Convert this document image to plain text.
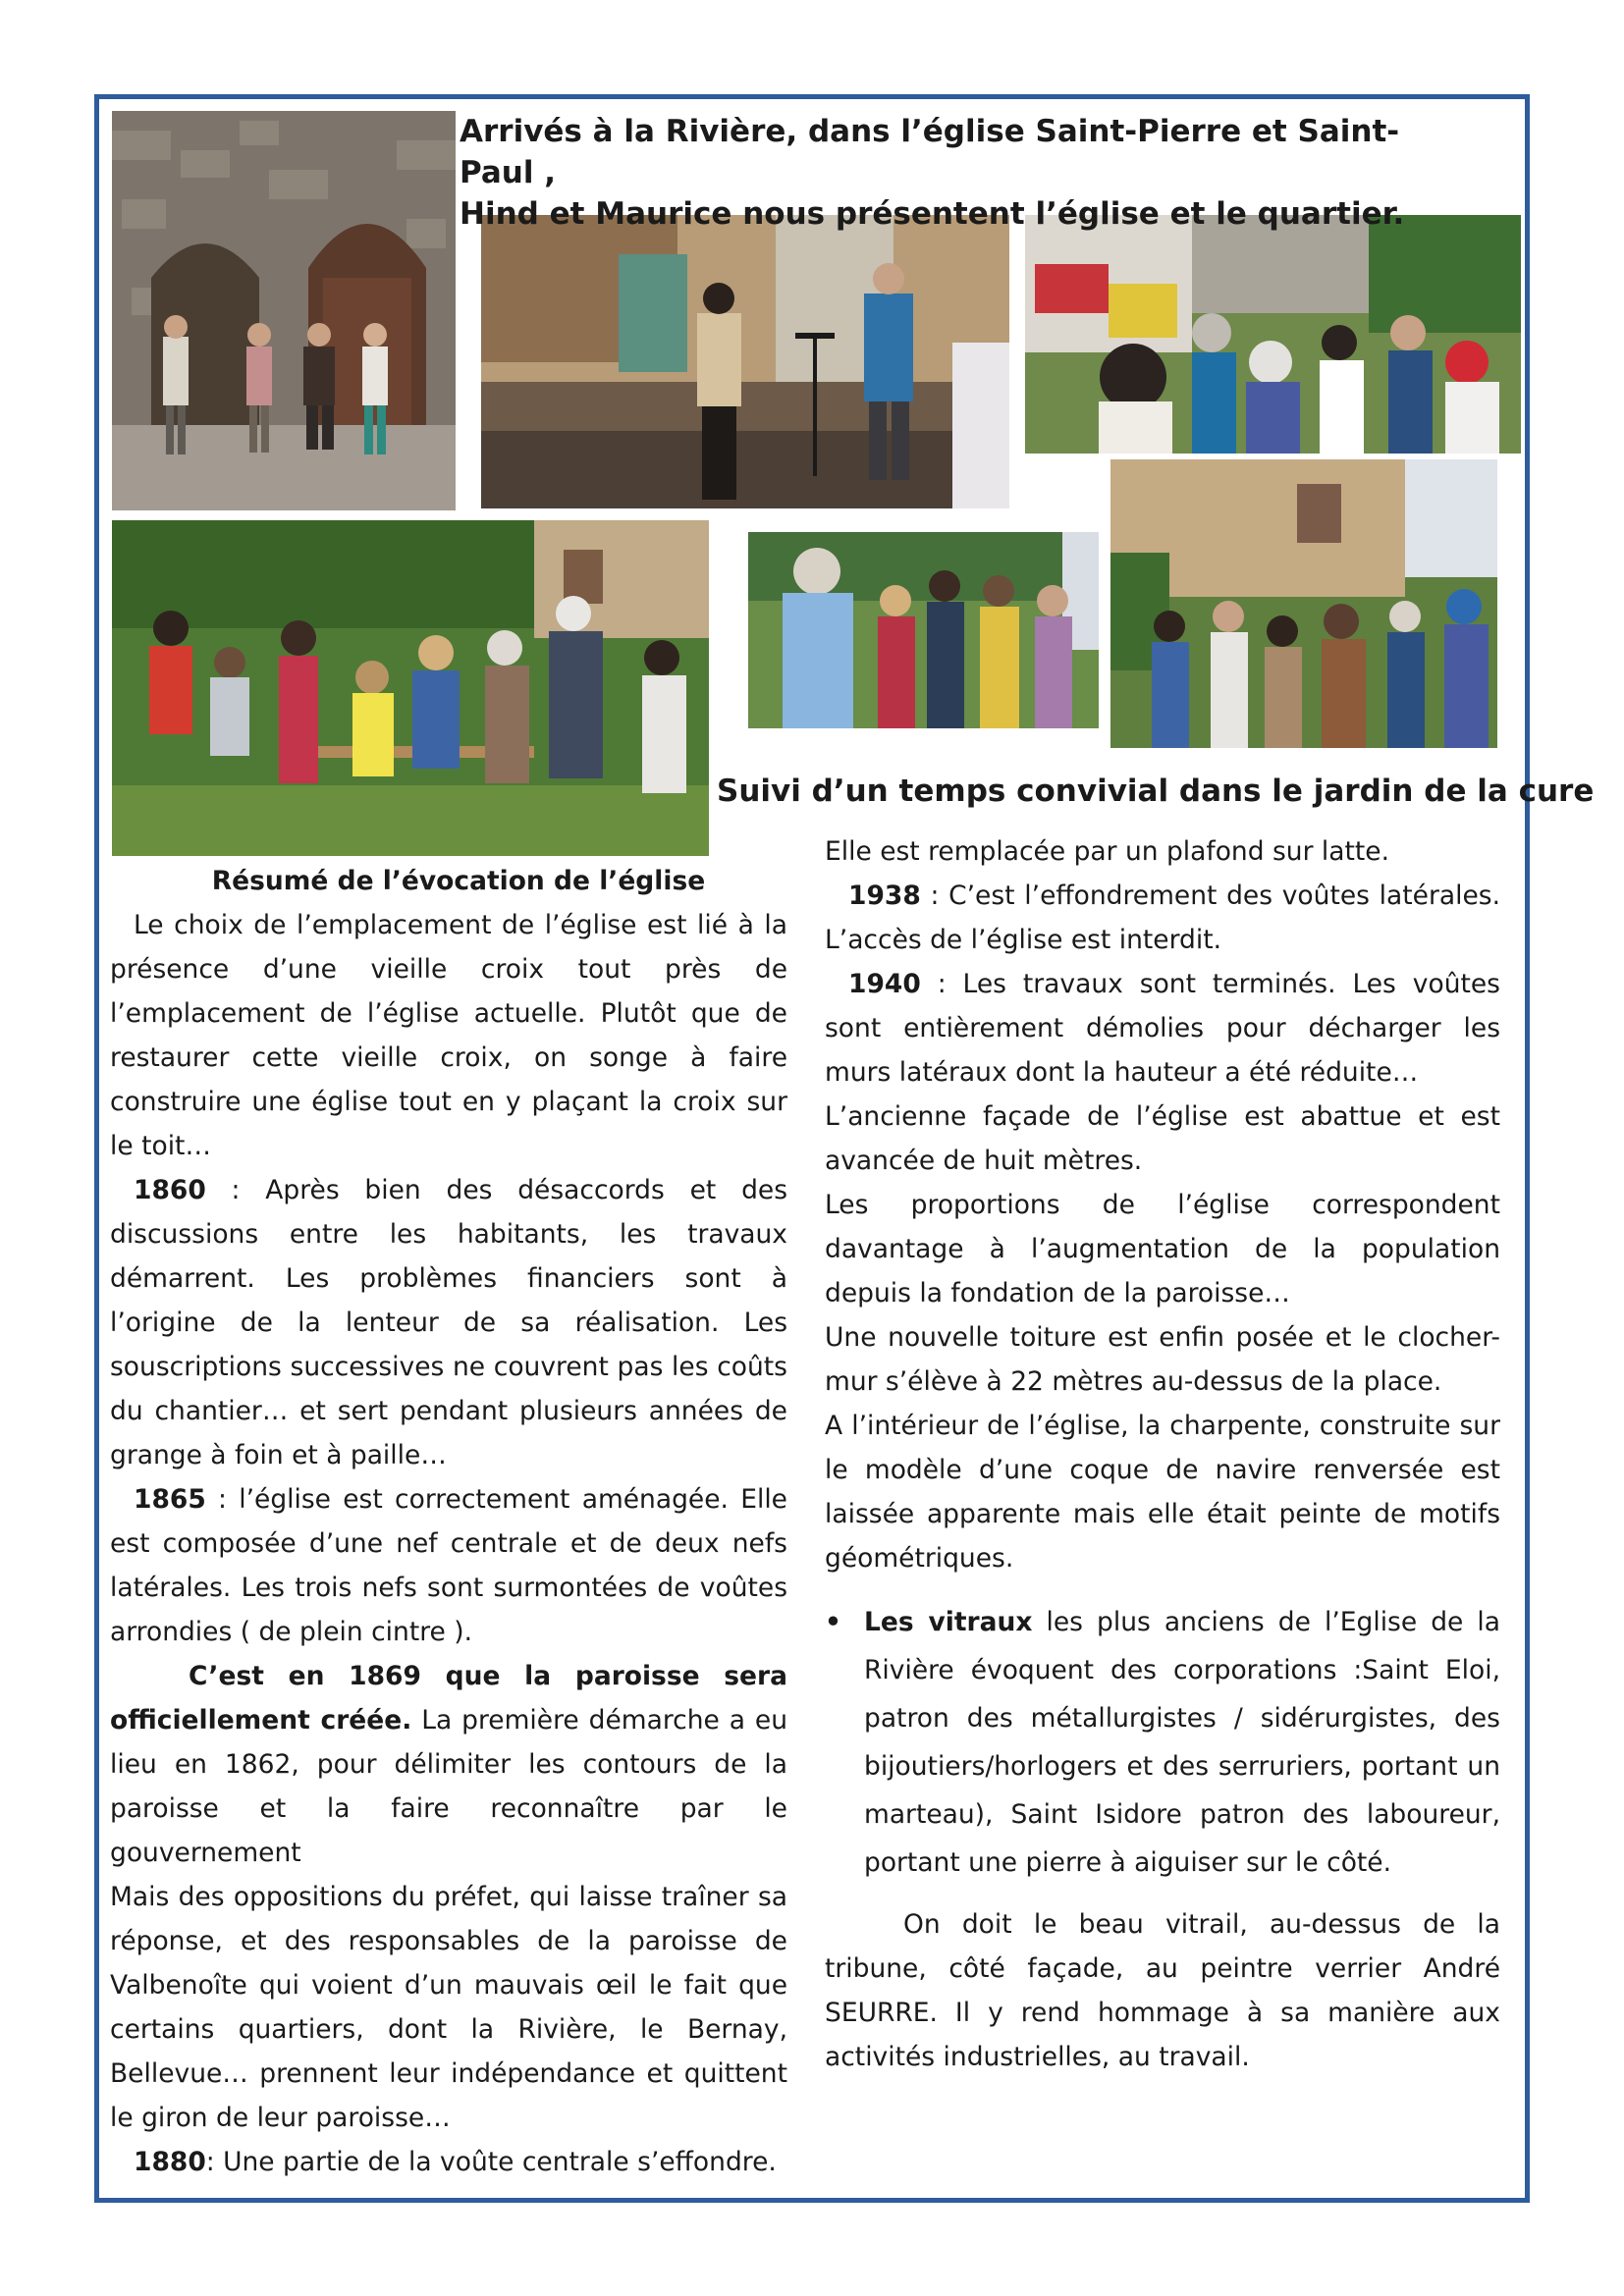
Arrivés à la Rivière, dans l’église Saint-Pierre et Saint-Paul ,
Hind et Maurice nous présentent l’église et le quartier.
Suivi d’un temps convivial dans le jardin de la cure

Résumé de l’évocation de l’église

Le choix de l’emplacement de l’église est lié à la présence d’une vieille croix tout près de l’emplacement de l’église actuelle. Plutôt que de restaurer cette vieille croix, on songe à faire construire une église tout en y plaçant la croix sur le toit…

1860 : Après bien des désaccords et des discussions entre les habitants, les travaux démarrent. Les problèmes financiers sont à l’origine de la lenteur de sa réalisation. Les souscriptions successives ne couvrent pas les coûts du chantier… et sert pendant plusieurs années de grange à foin et à paille…

1865 : l’église est correctement aménagée. Elle est composée d’une nef centrale et de deux nefs latérales. Les trois nefs sont surmontées de voûtes arrondies ( de plein cintre ).

C’est en 1869 que la paroisse sera officiellement créée. La première démarche a eu lieu en 1862, pour délimiter les contours de la paroisse et la faire reconnaître par le gouvernement

Mais des oppositions du préfet, qui laisse traîner sa réponse, et des responsables de la paroisse de Valbenoîte qui voient d’un mauvais œil le fait que certains quartiers, dont la Rivière, le Bernay, Bellevue… prennent leur indépendance et quittent le giron de leur paroisse…

1880: Une partie de la voûte centrale s’effondre.

Elle est remplacée par un plafond sur latte.

1938 : C’est l’effondrement des voûtes latérales. L’accès de l’église est interdit.

1940 : Les travaux sont terminés. Les voûtes sont entièrement démolies pour décharger les murs latéraux dont la hauteur a été réduite…

L’ancienne façade de l’église est abattue et est avancée de huit mètres.

Les proportions de l’église correspondent davantage à l’augmentation de la population depuis la fondation de la paroisse…

Une nouvelle toiture est enfin posée et le clocher-mur s’élève à 22 mètres au-dessus de la place.

A l’intérieur de l’église, la charpente, construite sur le modèle d’une coque de navire renversée est laissée apparente mais elle était peinte de motifs géométriques.

• Les vitraux les plus anciens de l’Eglise de la Rivière évoquent des corporations :Saint Eloi, patron des métallurgistes / sidérurgistes, des bijoutiers/horlogers et des serruriers, portant un marteau), Saint Isidore patron des laboureur, portant une pierre à aiguiser sur le côté.

On doit le beau vitrail, au-dessus de la tribune, côté façade, au peintre verrier André SEURRE. Il y rend hommage à sa manière aux activités industrielles, au travail.
